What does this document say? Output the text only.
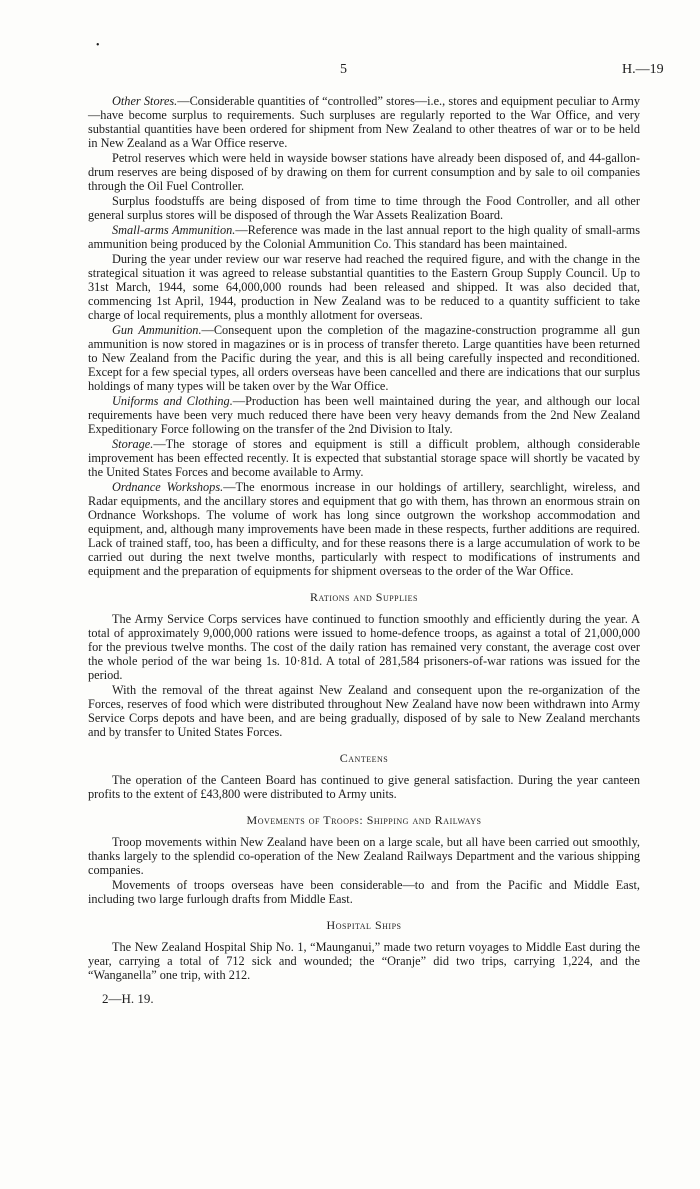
•
5	H.—19

Other Stores.—Considerable quantities of “controlled” stores—i.e., stores and equipment peculiar to Army—have become surplus to requirements. Such surpluses are regularly reported to the War Office, and very substantial quantities have been ordered for shipment from New Zealand to other theatres of war or to be held in New Zealand as a War Office reserve.

Petrol reserves which were held in wayside bowser stations have already been disposed of, and 44-gallon-drum reserves are being disposed of by drawing on them for current consumption and by sale to oil companies through the Oil Fuel Controller.

Surplus foodstuffs are being disposed of from time to time through the Food Controller, and all other general surplus stores will be disposed of through the War Assets Realization Board.

Small-arms Ammunition.—Reference was made in the last annual report to the high quality of small-arms ammunition being produced by the Colonial Ammunition Co. This standard has been maintained.

During the year under review our war reserve had reached the required figure, and with the change in the strategical situation it was agreed to release substantial quantities to the Eastern Group Supply Council. Up to 31st March, 1944, some 64,000,000 rounds had been released and shipped. It was also decided that, commencing 1st April, 1944, production in New Zealand was to be reduced to a quantity sufficient to take charge of local requirements, plus a monthly allotment for overseas.

Gun Ammunition.—Consequent upon the completion of the magazine-construction programme all gun ammunition is now stored in magazines or is in process of transfer thereto. Large quantities have been returned to New Zealand from the Pacific during the year, and this is all being carefully inspected and reconditioned. Except for a few special types, all orders overseas have been cancelled and there are indications that our surplus holdings of many types will be taken over by the War Office.

Uniforms and Clothing.—Production has been well maintained during the year, and although our local requirements have been very much reduced there have been very heavy demands from the 2nd New Zealand Expeditionary Force following on the transfer of the 2nd Division to Italy.

Storage.—The storage of stores and equipment is still a difficult problem, although considerable improvement has been effected recently. It is expected that substantial storage space will shortly be vacated by the United States Forces and become available to Army.

Ordnance Workshops.—The enormous increase in our holdings of artillery, searchlight, wireless, and Radar equipments, and the ancillary stores and equipment that go with them, has thrown an enormous strain on Ordnance Workshops. The volume of work has long since outgrown the workshop accommodation and equipment, and, although many improvements have been made in these respects, further additions are required. Lack of trained staff, too, has been a difficulty, and for these reasons there is a large accumulation of work to be carried out during the next twelve months, particularly with respect to modifications of instruments and equipment and the preparation of equipments for shipment overseas to the order of the War Office.

Rations and Supplies

The Army Service Corps services have continued to function smoothly and efficiently during the year. A total of approximately 9,000,000 rations were issued to home-defence troops, as against a total of 21,000,000 for the previous twelve months. The cost of the daily ration has remained very constant, the average cost over the whole period of the war being 1s. 10·81d. A total of 281,584 prisoners-of-war rations was issued for the period.

With the removal of the threat against New Zealand and consequent upon the re-organization of the Forces, reserves of food which were distributed throughout New Zealand have now been withdrawn into Army Service Corps depots and have been, and are being gradually, disposed of by sale to New Zealand merchants and by transfer to United States Forces.

Canteens

The operation of the Canteen Board has continued to give general satisfaction. During the year canteen profits to the extent of £43,800 were distributed to Army units.

Movements of Troops: Shipping and Railways

Troop movements within New Zealand have been on a large scale, but all have been carried out smoothly, thanks largely to the splendid co-operation of the New Zealand Railways Department and the various shipping companies.

Movements of troops overseas have been considerable—to and from the Pacific and Middle East, including two large furlough drafts from Middle East.

Hospital Ships

The New Zealand Hospital Ship No. 1, “Maunganui,” made two return voyages to Middle East during the year, carrying a total of 712 sick and wounded; the “Oranje” did two trips, carrying 1,224, and the “Wanganella” one trip, with 212.

2—H. 19.
